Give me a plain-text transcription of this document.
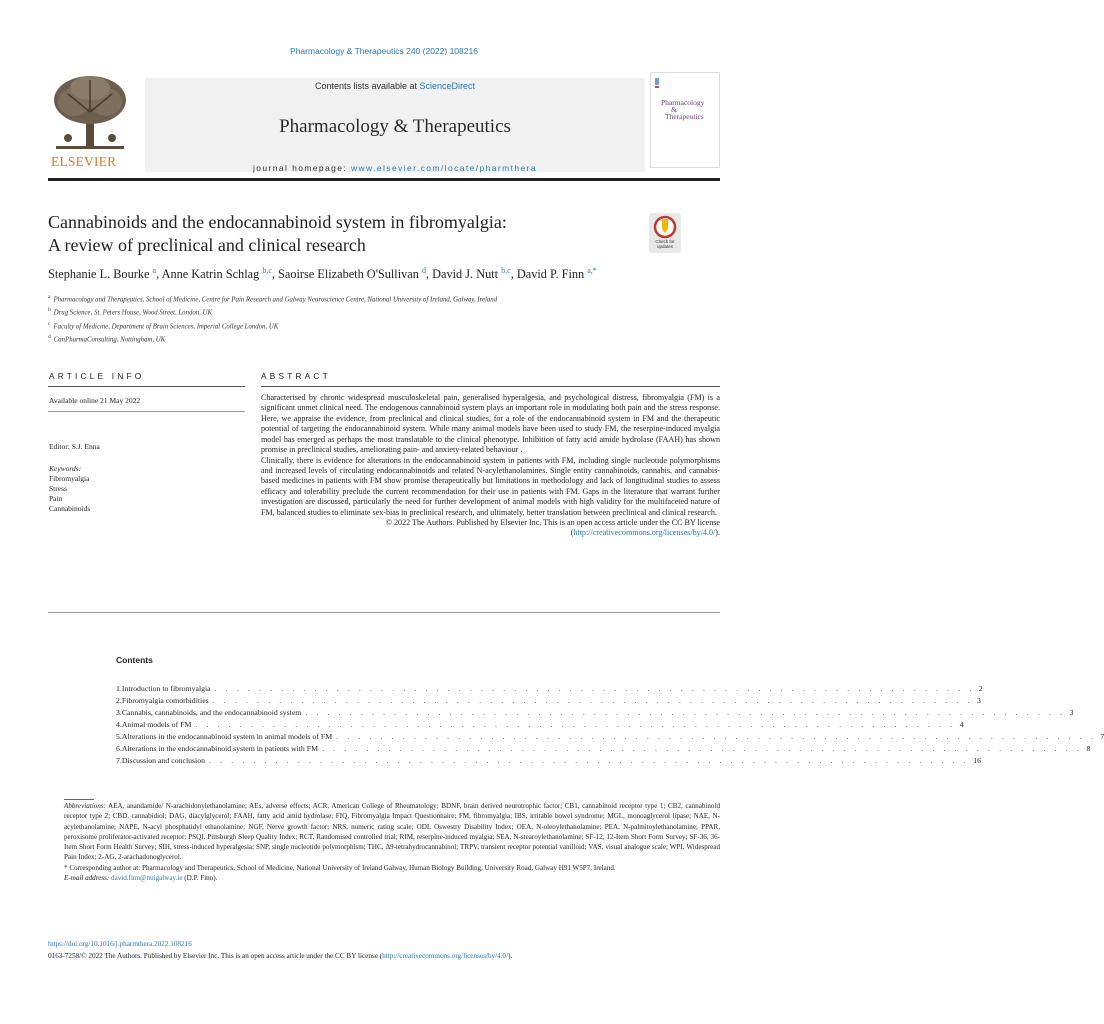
Pharmacology & Therapeutics 240 (2022) 108216
ELSEVIER
Contents lists available at ScienceDirect
Pharmacology & Therapeutics
journal homepage: www.elsevier.com/locate/pharmthera
Pharmacology
&
Therapeutics
Cannabinoids and the endocannabinoid system in fibromyalgia:
A review of preclinical and clinical research	Check for
updates
Stephanie L. Bourke $^a$, Anne Katrin Schlag $^{b,c}$, Saoirse Elizabeth O'Sullivan $^d$, David J. Nutt $^{b,c}$, David P. Finn $^{a,*}$
$^a$ Pharmacology and Therapeutics, School of Medicine, Centre for Pain Research and Galway Neuroscience Centre, National University of Ireland, Galway, Ireland
$^b$ Drug Science, St. Peters House, Wood Street, London, UK
$^c$ Faculty of Medicine, Department of Brain Sciences, Imperial College London, UK
$^d$ CanPharmaConsulting, Nottingham, UK
ARTICLE INFO	ABSTRACT
Available online 21 May 2022
Editor: S.J. Enna
Keywords:
Fibromyalgia
Stress
Pain
Cannabinoids

Characterised by chronic widespread musculoskeletal pain, generalised hyperalgesia, and psychological distress, fibromyalgia (FM) is a significant unmet clinical need. The endogenous cannabinoid system plays an important role in modulating both pain and the stress response. Here, we appraise the evidence, from preclinical and clinical studies, for a role of the endocannabinoid system in FM and the therapeutic potential of targeting the endocannabinoid system. While many animal models have been used to study FM, the reserpine-induced myalgia model has emerged as perhaps the most translatable to the clinical phenotype. Inhibition of fatty acid amide hydrolase (FAAH) has shown promise in preclinical studies, ameliorating pain- and anxiety-related behaviour .

Clinically, there is evidence for alterations in the endocannabinoid system in patients with FM, including single nucleotide polymorphisms and increased levels of circulating endocannabinoids and related N-acylethanolamines. Single entity cannabinoids, cannabis, and cannabis-based medicines in patients with FM show promise therapeutically but limitations in methodology and lack of longitudinal studies to assess efficacy and tolerability preclude the current recommendation for their use in patients with FM. Gaps in the literature that warrant further investigation are discussed, particularly the need for further development of animal models with high validity for the multifaceted nature of FM, balanced studies to eliminate sex-bias in preclinical research, and ultimately, better translation between preclinical and clinical research.

© 2022 The Authors. Published by Elsevier Inc. This is an open access article under the CC BY license (http://creativecommons.org/licenses/by/4.0/).

Contents
1. Introduction to fibromyalgia . . . . . . . . . . . . . . . . . . . . . . . . . . . . . . . . . . . . . . . . . . . . . . . . . . . . . . . . . . . . . . . . . . . . . 2
2. Fibromyalgia comorbidities . . . . . . . . . . . . . . . . . . . . . . . . . . . . . . . . . . . . . . . . . . . . . . . . . . . . . . . . . . . . . . . . . . . . . 3
3. Cannabis, cannabinoids, and the endocannabinoid system . . . . . . . . . . . . . . . . . . . . . . . . . . . . . . . . . . . . . . . . . . . . . . . . . . . . . . . . . . . . . . . . . . . . . 3
4. Animal models of FM . . . . . . . . . . . . . . . . . . . . . . . . . . . . . . . . . . . . . . . . . . . . . . . . . . . . . . . . . . . . . . . . . . . . . 4
5. Alterations in the endocannabinoid system in animal models of FM . . . . . . . . . . . . . . . . . . . . . . . . . . . . . . . . . . . . . . . . . . . . . . . . . . . . . . . . . . . . . . . . . . . . . 7
6. Alterations in the endocannabinoid system in patients with FM . . . . . . . . . . . . . . . . . . . . . . . . . . . . . . . . . . . . . . . . . . . . . . . . . . . . . . . . . . . . . . . . . . . . . 8
7. Discussion and conclusion . . . . . . . . . . . . . . . . . . . . . . . . . . . . . . . . . . . . . . . . . . . . . . . . . . . . . . . . . . . . . . . . . . . . . 16

Abbreviations: AEA, anandamide/ N-arachidonylethanolamine; AEs, adverse effects; ACR, American College of Rheumatology; BDNF, brain derived neurotrophic factor; CB1, cannabinoid receptor type 1; CB2, cannabinoid receptor type 2; CBD, cannabidiol; DAG, diacylglycerol; FAAH, fatty acid amid hydrolase; FIQ, Fibromyalgia Impact Questionnaire; FM, fibromyalgia; IBS, irritable bowel syndrome; MGL, monoaglycerol lipase; NAE, N-acylethanolamine; NAPE, N-acyl phosphatidyl ethanolamine; NGF, Nerve growth factor; NRS, numeric rating scale; ODI, Oswestry Disability Index; OEA, N-oleoylethanolamine; PEA, N-palmitoylethanolamine; PPAR, peroxisome proliferator-activated receptor; PSQI, Pittsburgh Sleep Quality Index; RCT, Randomised controlled trial; RIM, reserpine-induced myalgia; SEA, N-stearoylethanolamine; SF-12, 12-Item Short Form Survey; SF-36, 36-Item Short Form Health Survey; SIH, stress-induced hyperalgesia; SNP, single nucleotide polymorphism; THC, Δ9-tetrahydrocannabinol; TRPV, transient receptor potential vanilloid; VAS, visual analogue scale; WPI, Widespread Pain Index; 2-AG, 2-arachadonoglycerol.

* Corresponding author at: Pharmacology and Therapeutics, School of Medicine, National University of Ireland Galway, Human Biology Building, University Road, Galway H91 W5P7, Ireland.

E-mail address: david.finn@nuigalway.ie (D.P. Finn).

https://doi.org/10.1016/j.pharmthera.2022.108216
0163-7258/© 2022 The Authors. Published by Elsevier Inc. This is an open access article under the CC BY license (http://creativecommons.org/licenses/by/4.0/).
